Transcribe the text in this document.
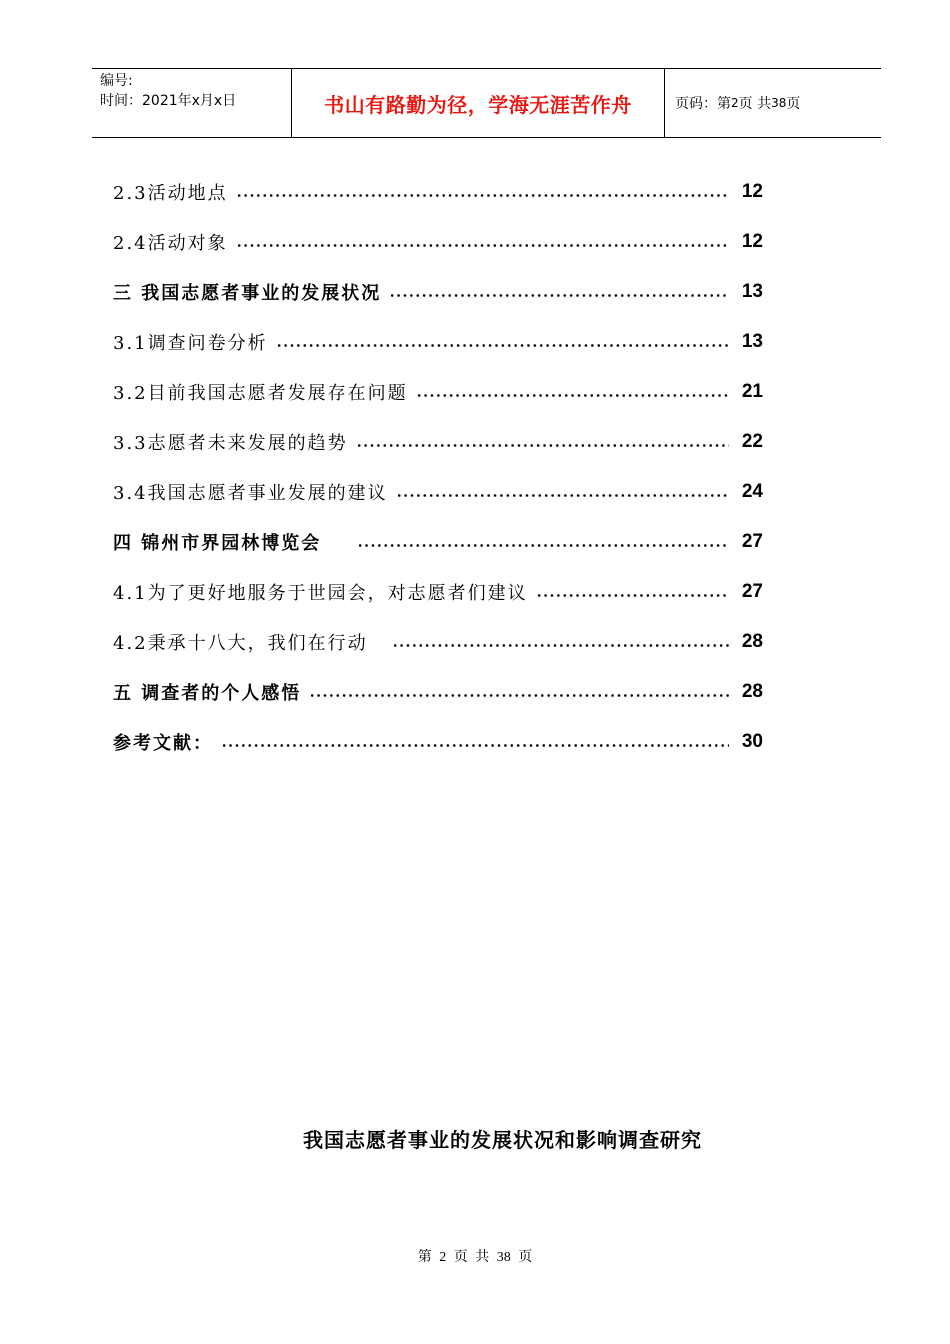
编号:
时间：2021年x月x日	书山有路勤为径，学海无涯苦作舟	页码：第 2 页 共 38 页
2.3活动地点	12
2.4活动对象	12
三 我国志愿者事业的发展状况	13
3.1调查问卷分析	13
3.2目前我国志愿者发展存在问题	21
3.3志愿者未来发展的趋势	22
3.4我国志愿者事业发展的建议	24
四 锦州市界园林博览会	27
4.1为了更好地服务于世园会，对志愿者们建议	27
4.2秉承十八大，我们在行动	28
五 调查者的个人感悟	28
参考文献：	30
我国志愿者事业的发展状况和影响调查研究
第 2 页 共 38 页
